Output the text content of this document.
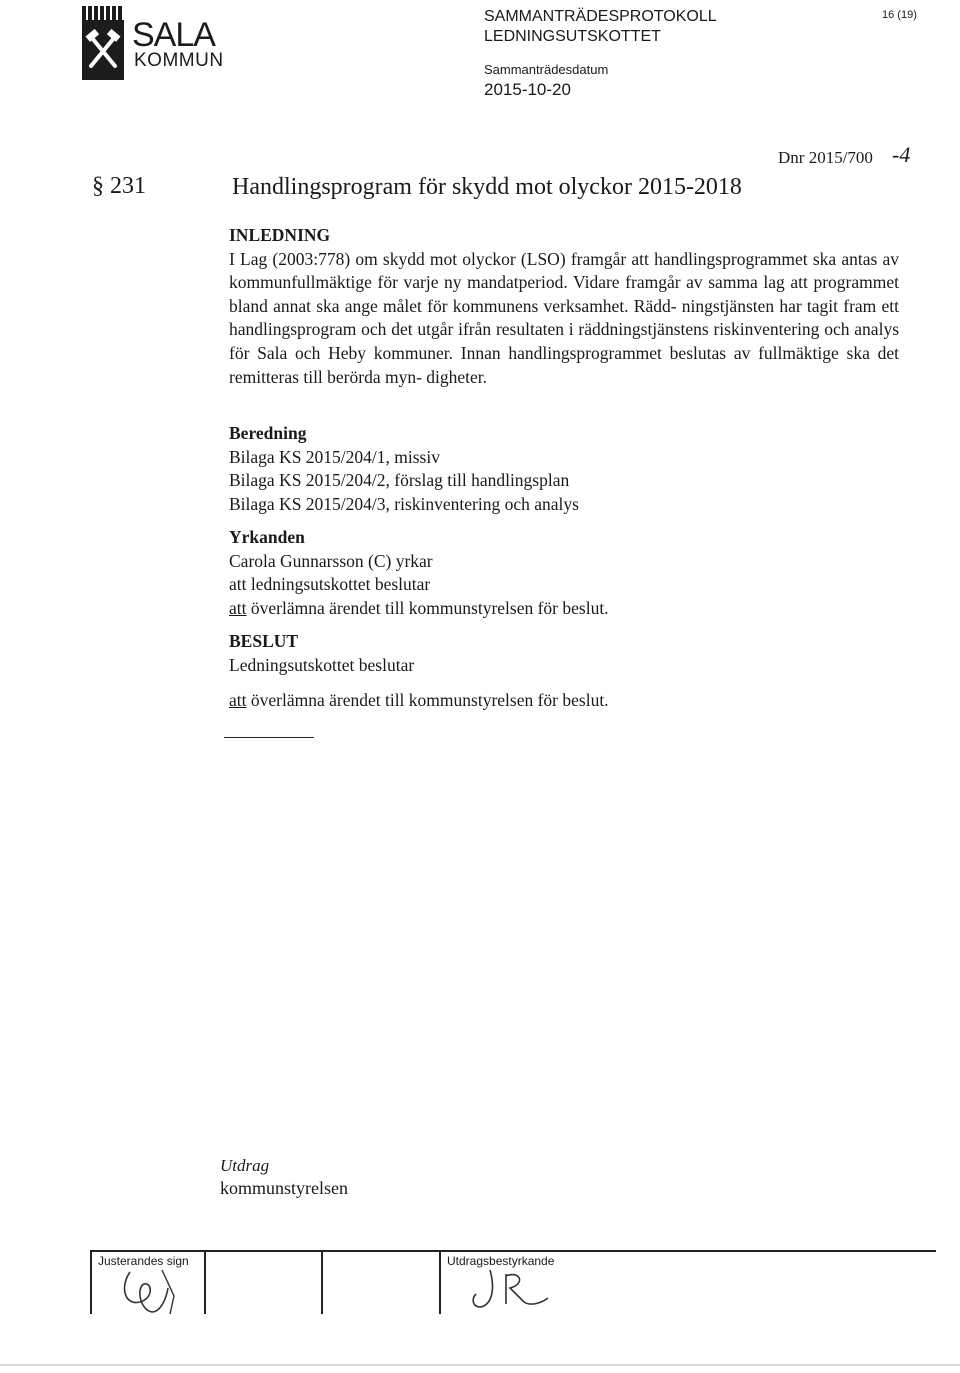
SALA
KOMMUN
SAMMANTRÄDESPROTOKOLL
LEDNINGSUTSKOTTET
Sammanträdesdatum
2015-10-20
16 (19)
Dnr 2015/700 -4
§ 231	Handlingsprogram för skydd mot olyckor 2015-2018
INLEDNING

I Lag (2003:778) om skydd mot olyckor (LSO) framgår att handlingsprogrammet ska antas av kommunfullmäktige för varje ny mandatperiod. Vidare framgår av samma lag att programmet bland annat ska ange målet för kommunens verksamhet. Rädd- ningstjänsten har tagit fram ett handlingsprogram och det utgår ifrån resultaten i räddningstjänstens riskinventering och analys för Sala och Heby kommuner. Innan handlingsprogrammet beslutas av fullmäktige ska det remitteras till berörda myn- digheter.

Beredning
Bilaga KS 2015/204/1, missiv
Bilaga KS 2015/204/2, förslag till handlingsplan
Bilaga KS 2015/204/3, riskinventering och analys
Yrkanden
Carola Gunnarsson (C) yrkar
att ledningsutskottet beslutar
att överlämna ärendet till kommunstyrelsen för beslut.
BESLUT
Ledningsutskottet beslutar
att överlämna ärendet till kommunstyrelsen för beslut.
Utdrag
kommunstyrelsen
Justerandes sign	Utdragsbestyrkande
